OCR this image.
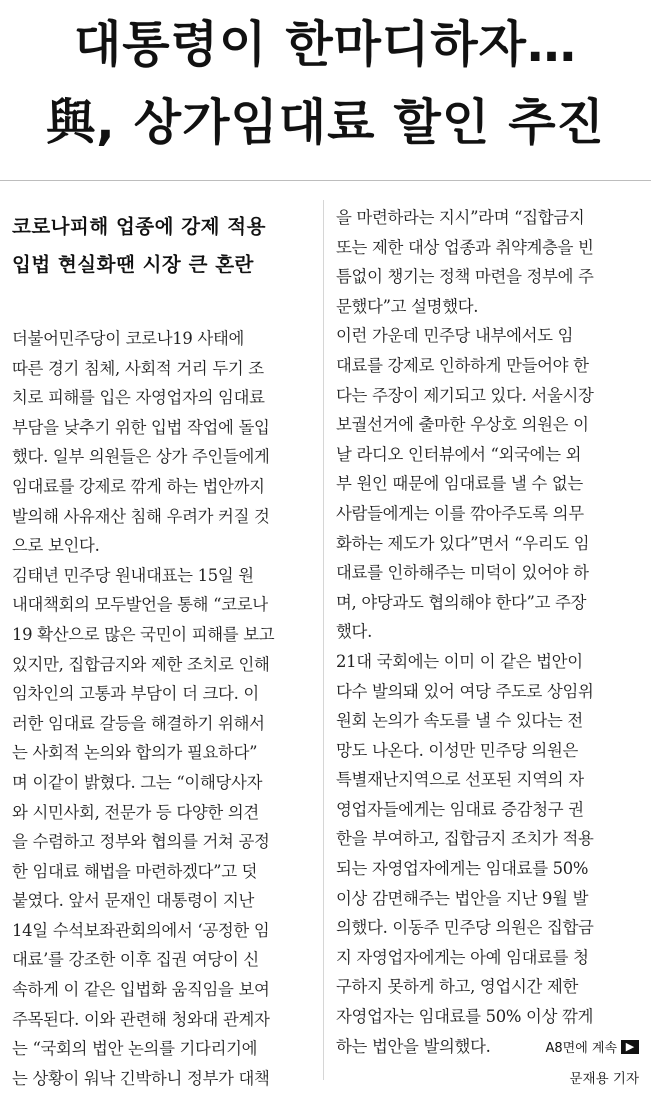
대통령이 한마디하자…
與, 상가임대료 할인 추진
코로나피해 업종에 강제 적용
입법 현실화땐 시장 큰 혼란
더불어민주당이 코로나19 사태에
따른 경기 침체, 사회적 거리 두기 조
치로 피해를 입은 자영업자의 임대료
부담을 낮추기 위한 입법 작업에 돌입
했다. 일부 의원들은 상가 주인들에게
임대료를 강제로 깎게 하는 법안까지
발의해 사유재산 침해 우려가 커질 것
으로 보인다.
김태년 민주당 원내대표는 15일 원
내대책회의 모두발언을 통해 “코로나
19 확산으로 많은 국민이 피해를 보고
있지만, 집합금지와 제한 조치로 인해
임차인의 고통과 부담이 더 크다. 이
러한 임대료 갈등을 해결하기 위해서
는 사회적 논의와 합의가 필요하다”
며 이같이 밝혔다. 그는 “이해당사자
와 시민사회, 전문가 등 다양한 의견
을 수렴하고 정부와 협의를 거쳐 공정
한 임대료 해법을 마련하겠다”고 덧
붙였다. 앞서 문재인 대통령이 지난
14일 수석보좌관회의에서 ‘공정한 임
대료’를 강조한 이후 집권 여당이 신
속하게 이 같은 입법화 움직임을 보여
주목된다. 이와 관련해 청와대 관계자
는 “국회의 법안 논의를 기다리기에
는 상황이 워낙 긴박하니 정부가 대책
을 마련하라는 지시”라며 “집합금지
또는 제한 대상 업종과 취약계층을 빈
틈없이 챙기는 정책 마련을 정부에 주
문했다”고 설명했다.
이런 가운데 민주당 내부에서도 임
대료를 강제로 인하하게 만들어야 한
다는 주장이 제기되고 있다. 서울시장
보궐선거에 출마한 우상호 의원은 이
날 라디오 인터뷰에서 “외국에는 외
부 원인 때문에 임대료를 낼 수 없는
사람들에게는 이를 깎아주도록 의무
화하는 제도가 있다”면서 “우리도 임
대료를 인하해주는 미덕이 있어야 하
며, 야당과도 협의해야 한다”고 주장
했다.
21대 국회에는 이미 이 같은 법안이
다수 발의돼 있어 여당 주도로 상임위
원회 논의가 속도를 낼 수 있다는 전
망도 나온다. 이성만 민주당 의원은
특별재난지역으로 선포된 지역의 자
영업자들에게는 임대료 증감청구 권
한을 부여하고, 집합금지 조치가 적용
되는 자영업자에게는 임대료를 50%
이상 감면해주는 법안을 지난 9월 발
의했다. 이동주 민주당 의원은 집합금
지 자영업자에게는 아예 임대료를 청
구하지 못하게 하고, 영업시간 제한
자영업자는 임대료를 50% 이상 깎게
하는 법안을 발의했다.	A8면에 계속 ▶
문재용 기자
